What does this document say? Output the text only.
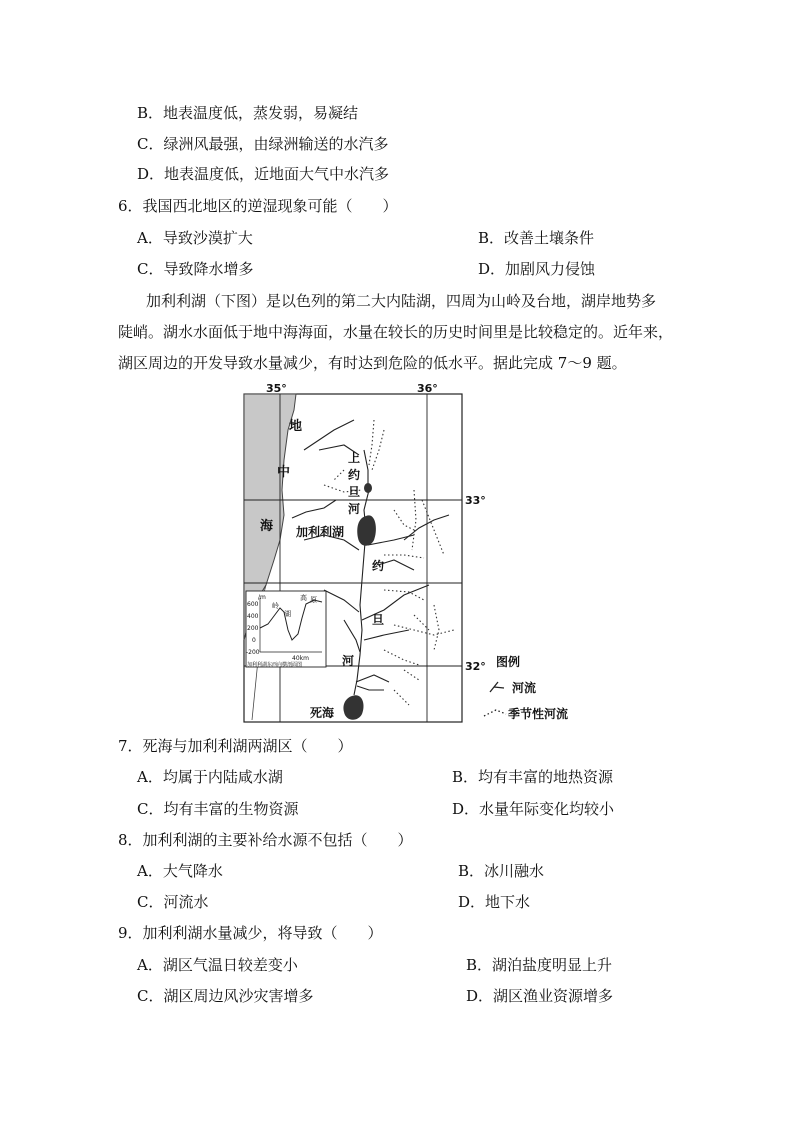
B．地表温度低，蒸发弱，易凝结
C．绿洲风最强，由绿洲输送的水汽多
D．地表温度低，近地面大气中水汽多
6．我国西北地区的逆湿现象可能（　　）
A．导致沙漠扩大	B．改善土壤条件
C．导致降水增多	D．加剧风力侵蚀
加利利湖（下图）是以色列的第二大内陆湖，四周为山岭及台地，湖岸地势多
陡峭。湖水水面低于地中海海面，水量在较长的历史时间里是比较稳定的。近年来，
湖区周边的开发导致水量减少，有时达到危险的低水平。据此完成 7～9 题。
35°	36°
33°
32°
地
中
海
上
约
旦
河
加利利湖
约
旦
河
死海
/m
600
400
200
0
-200
岭
高 原
湖
40km
加利利湖东西向横剖面图	图例
河流
季节性河流
7．死海与加利利湖两湖区（　　）
A．均属于内陆咸水湖	B．均有丰富的地热资源
C．均有丰富的生物资源	D．水量年际变化均较小
8．加利利湖的主要补给水源不包括（　　）
A．大气降水	B．冰川融水
C．河流水	D．地下水
9．加利利湖水量减少，将导致（　　）
A．湖区气温日较差变小	B．湖泊盐度明显上升
C．湖区周边风沙灾害增多	D．湖区渔业资源增多
